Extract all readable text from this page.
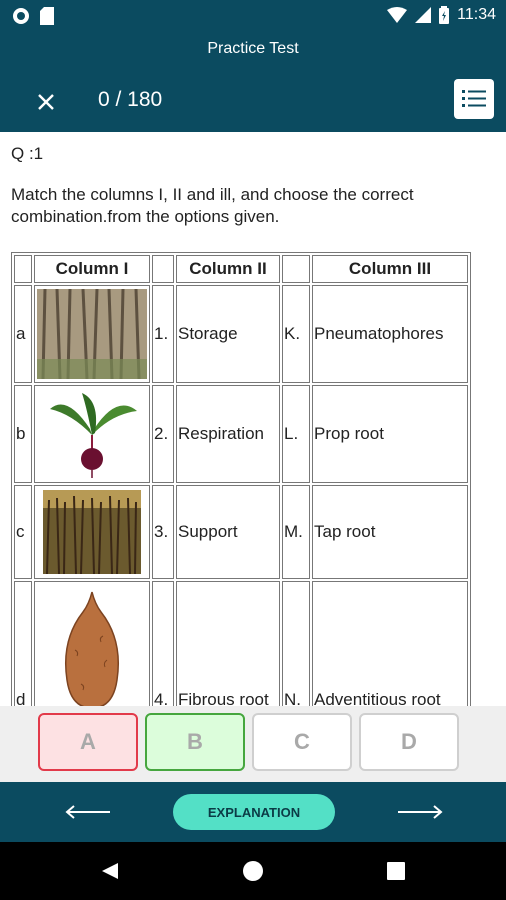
11:34
Practice Test
0 / 180
Q :1
Match the columns I, II and ill, and choose the correct combination.from the options given.
	Column I		Column II		Column III
a		1.	Storage	K.	Pneumatophores
b		2.	Respiration	L.	Prop root
c		3.	Support	M.	Tap root
d		4.	Fibrous root	N.	Adventitious root
A	B	C	D
EXPLANATION
